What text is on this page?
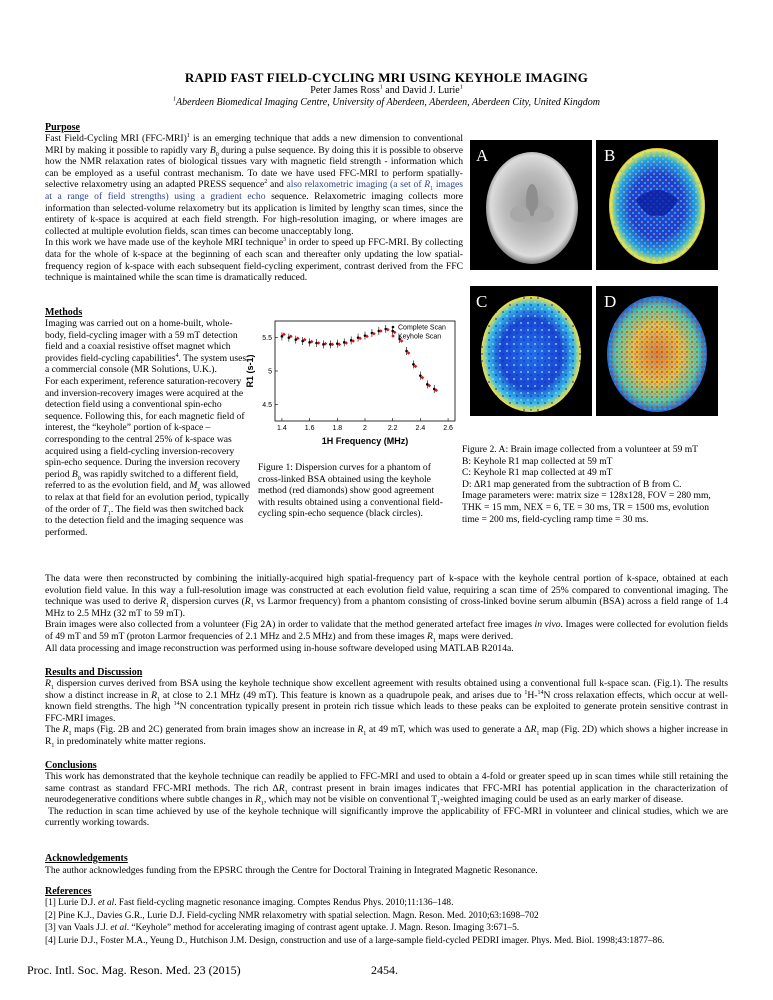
RAPID FAST FIELD-CYCLING MRI USING KEYHOLE IMAGING
Peter James Ross$^1$ and David J. Lurie$^1$
$^1$Aberdeen Biomedical Imaging Centre, University of Aberdeen, Aberdeen, Aberdeen City, United Kingdom
Purpose

Fast Field-Cycling MRI $(FFC-MRI)^1$ is an emerging technique that adds a new dimension to conventional MRI by making it possible to rapidly vary $B_0$ during a pulse sequence. By doing this it is possible to observe how the NMR relaxation rates of biological tissues vary with magnetic field strength - information which can be employed as a useful contrast mechanism. To date we have used FFC-MRI to perform spatially-selective relaxometry using an adapted PRESS sequence$^2$ and also relaxometric imaging (a set of $R_1$ images at a range of field strengths) using a gradient echo sequence. Relaxometric imaging collects more information than selected-volume relaxometry but its application is limited by lengthy scan times, since the entirety of k-space is acquired at each field strength. For high-resolution imaging, or where images are collected at multiple evolution fields, scan times can become unacceptably long.

In this work we have made use of the keyhole MRI technique$^3$ in order to speed up FFC-MRI. By collecting data for the whole of k-space at the beginning of each scan and thereafter only updating the low spatial-frequency region of k-space with each subsequent field-cycling experiment, contrast derived from the FFC technique is maintained while the scan time is dramatically reduced.

A	B
C	D
Figure 2. A: Brain image collected from a volunteer at 59 mT
B: Keyhole R1 map collected at 59 mT
C: Keyhole R1 map collected at 49 mT
D: ΔR1 map generated from the subtraction of B from C.
Image parameters were: matrix size = 128x128, FOV = 280 mm,
THK = 15 mm, NEX = 6, TE = 30 ms, TR = 1500 ms, evolution
time = 200 ms, field-cycling ramp time = 30 ms.
Methods

Imaging was carried out on a home-built, whole-body, field-cycling imager with a 59 mT detection field and a coaxial resistive offset magnet which provides field-cycling capabilities$^4$. The system uses a commercial console (MR Solutions, U.K.).

For each experiment, reference saturation-recovery and inversion-recovery images were acquired at the detection field using a conventional spin-echo sequence. Following this, for each magnetic field of interest, the “keyhole” portion of k-space – corresponding to the central 25% of k-space was acquired using a field-cycling inversion-recovery spin-echo sequence. During the inversion recovery period $B_0$ was rapidly switched to a different field, referred to as the evolution field, and $M_z$ was allowed to relax at that field for an evolution period, typically of the order of $T_1$. The field was then switched back to the detection field and the imaging sequence was performed.

1.4	1.6	1.8	2	2.2	2.4	2.6
4.5
5
5.5
1H Frequency (MHz)
R1 (s-1)
Complete Scan
Keyhole Scan
Figure 1: Dispersion curves for a phantom of
cross-linked BSA obtained using the keyhole
method (red diamonds) show good agreement
with results obtained using a conventional field-
cycling spin-echo sequence (black circles).

The data were then reconstructed by combining the initially-acquired high spatial-frequency part of k-space with the keyhole central portion of k-space, obtained at each evolution field value. In this way a full-resolution image was constructed at each evolution field value, requiring a scan time of 25% compared to conventional imaging. The technique was used to derive $R_1$ dispersion curves ($R_1$ vs Larmor frequency) from a phantom consisting of cross-linked bovine serum albumin (BSA) across a field range of 1.4 MHz to 2.5 MHz (32 mT to 59 mT).

Brain images were also collected from a volunteer (Fig 2A) in order to validate that the method generated artefact free images in vivo. Images were collected for evolution fields of 49 mT and 59 mT (proton Larmor frequencies of 2.1 MHz and 2.5 MHz) and from these images $R_1$ maps were derived.

All data processing and image reconstruction was performed using in-house software developed using MATLAB R2014a.

Results and Discussion

$R_1$ dispersion curves derived from BSA using the keyhole technique show excellent agreement with results obtained using a conventional full k-space scan. (Fig.1). The results show a distinct increase in $R_1$ at close to 2.1 MHz (49 mT). This feature is known as a quadrupole peak, and arises due to $^1$H-$^{14}$N cross relaxation effects, which occur at well-known field strengths. The high $^{14}$N concentration typically present in protein rich tissue which leads to these peaks can be exploited to generate protein sensitive contrast in FFC-MRI images.

The $R_1$ maps (Fig. 2B and 2C) generated from brain images show an increase in $R_1$ at 49 mT, which was used to generate a $\Delta R_1$ map (Fig. 2D) which shows a higher increase in $R_1$ in predominately white matter regions.

Conclusions

This work has demonstrated that the keyhole technique can readily be applied to FFC-MRI and used to obtain a 4-fold or greater speed up in scan times while still retaining the same contrast as standard FFC-MRI methods. The rich $\Delta R_1$ contrast present in brain images indicates that FFC-MRI has potential application in the characterization of neurodegenerative conditions where subtle changes in $R_1$, which may not be visible on conventional $T_1$-weighted imaging could be used as an early marker of disease.

The reduction in scan time achieved by use of the keyhole technique will significantly improve the applicability of FFC-MRI in volunteer and clinical studies, which we are currently working towards.

Acknowledgements
The author acknowledges funding from the EPSRC through the Centre for Doctoral Training in Integrated Magnetic Resonance.
References
[1] Lurie D.J. et al. Fast field-cycling magnetic resonance imaging. Comptes Rendus Phys. 2010;11:136–148.
[2] Pine K.J., Davies G.R., Lurie D.J. Field-cycling NMR relaxometry with spatial selection. Magn. Reson. Med. 2010;63:1698–702
[3] van Vaals J.J. et al. “Keyhole” method for accelerating imaging of contrast agent uptake. J. Magn. Reson. Imaging 3:671–5.
[4] Lurie D.J., Foster M.A., Yeung D., Hutchison J.M. Design, construction and use of a large-sample field-cycled PEDRI imager. Phys. Med. Biol. 1998;43:1877–86.
Proc. Intl. Soc. Mag. Reson. Med. 23 (2015)	2454.
